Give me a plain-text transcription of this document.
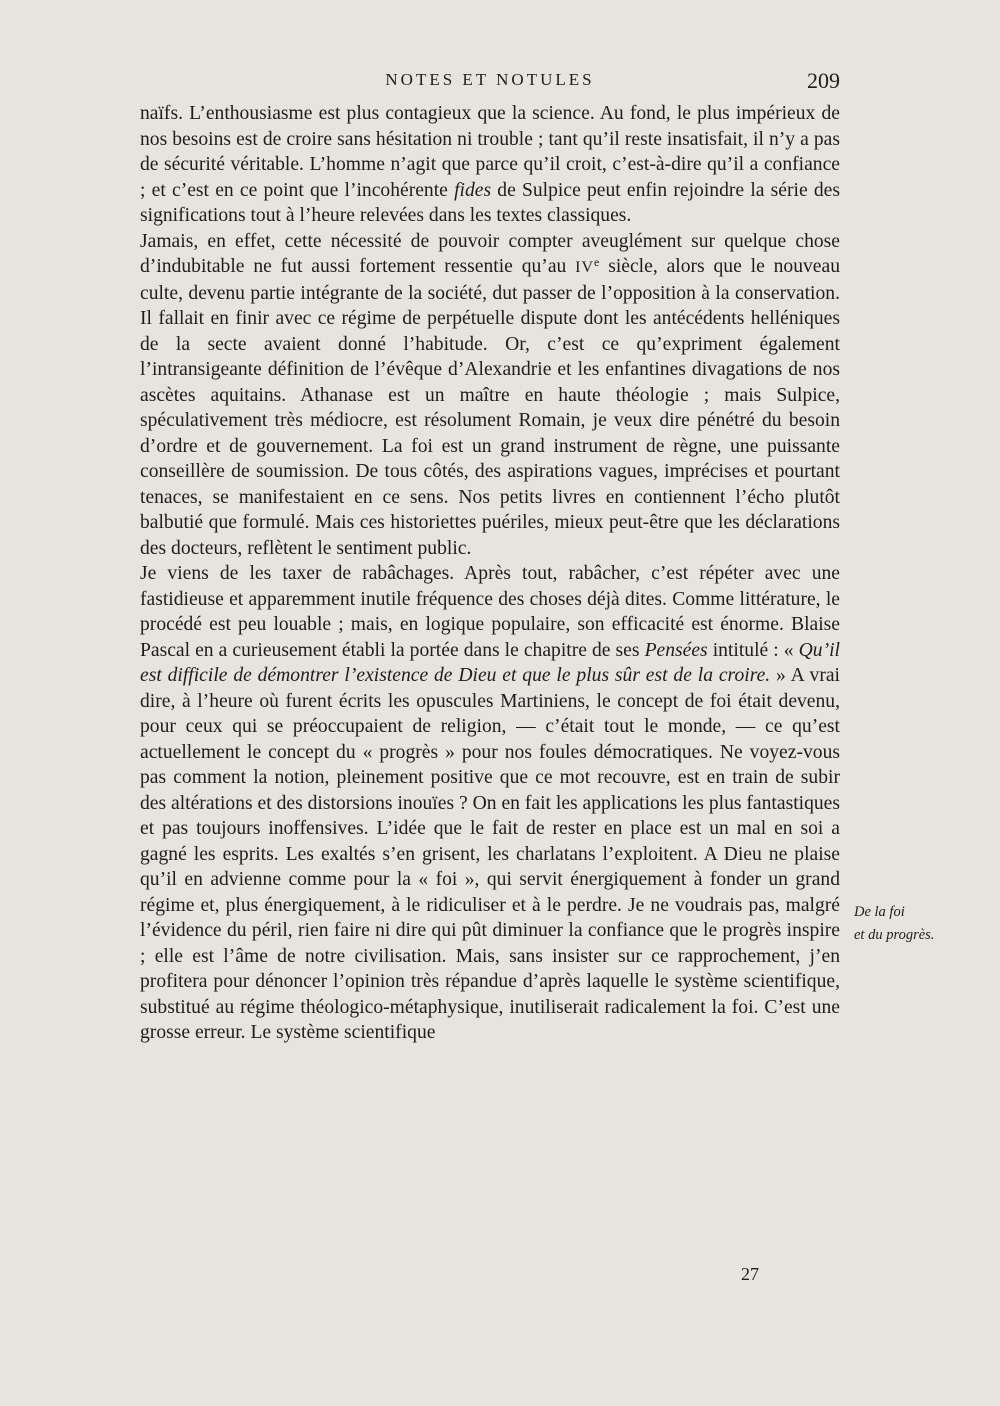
NOTES ET NOTULES	209

naïfs. L’enthousiasme est plus contagieux que la science. Au fond, le plus impérieux de nos besoins est de croire sans hésitation ni trouble ; tant qu’il reste insatisfait, il n’y a pas de sécurité véritable. L’homme n’agit que parce qu’il croit, c’est-à-dire qu’il a confiance ; et c’est en ce point que l’incohérente fides de Sulpice peut enfin rejoindre la série des significations tout à l’heure relevées dans les textes classiques.

Jamais, en effet, cette nécessité de pouvoir compter aveuglément sur quelque chose d’indubitable ne fut aussi fortement ressentie qu’au IVe siècle, alors que le nouveau culte, devenu partie intégrante de la société, dut passer de l’opposition à la conservation. Il fallait en finir avec ce régime de perpétuelle dispute dont les antécédents helléniques de la secte avaient donné l’habitude. Or, c’est ce qu’expriment également l’intransigeante définition de l’évêque d’Alexandrie et les enfantines divagations de nos ascètes aquitains. Athanase est un maître en haute théologie ; mais Sulpice, spéculativement très médiocre, est résolument Romain, je veux dire pénétré du besoin d’ordre et de gouvernement. La foi est un grand instrument de règne, une puissante conseillère de soumission. De tous côtés, des aspirations vagues, imprécises et pourtant tenaces, se manifestaient en ce sens. Nos petits livres en contiennent l’écho plutôt balbutié que formulé. Mais ces historiettes puériles, mieux peut-être que les déclarations des docteurs, reflètent le sentiment public.

Je viens de les taxer de rabâchages. Après tout, rabâcher, c’est répéter avec une fastidieuse et apparemment inutile fréquence des choses déjà dites. Comme littérature, le procédé est peu louable ; mais, en logique populaire, son efficacité est énorme. Blaise Pascal en a curieusement établi la portée dans le chapitre de ses Pensées intitulé : « Qu’il est difficile de démontrer l’existence de Dieu et que le plus sûr est de la croire. » A vrai dire, à l’heure où furent écrits les opuscules Martiniens, le concept de foi était devenu, pour ceux qui se préoccupaient de religion, — c’était tout le monde, — ce qu’est actuellement le concept du « progrès » pour nos foules démocratiques. Ne voyez-vous pas comment la notion, pleinement positive que ce mot recouvre, est en train de subir des altérations et des distorsions inouïes ? On en fait les applications les plus fantastiques et pas toujours inoffensives. L’idée que le fait de rester en place est un mal en soi a gagné les esprits. Les exaltés s’en grisent, les charlatans l’exploitent. A Dieu ne plaise qu’il en advienne comme pour la « foi », qui servit énergiquement à fonder un grand régime et, plus énergiquement, à le ridiculiser et à le perdre. Je ne voudrais pas, malgré l’évidence du péril, rien faire ni dire qui pût diminuer la confiance que le progrès inspire ; elle est l’âme de notre civilisation. Mais, sans insister sur ce rapprochement, j’en profitera pour dénoncer l’opinion très répandue d’après laquelle le système scientifique, substitué au régime théologico-métaphysique, inutiliserait radicalement la foi. C’est une grosse erreur. Le système scientifique

De la foi
et du progrès.
27
